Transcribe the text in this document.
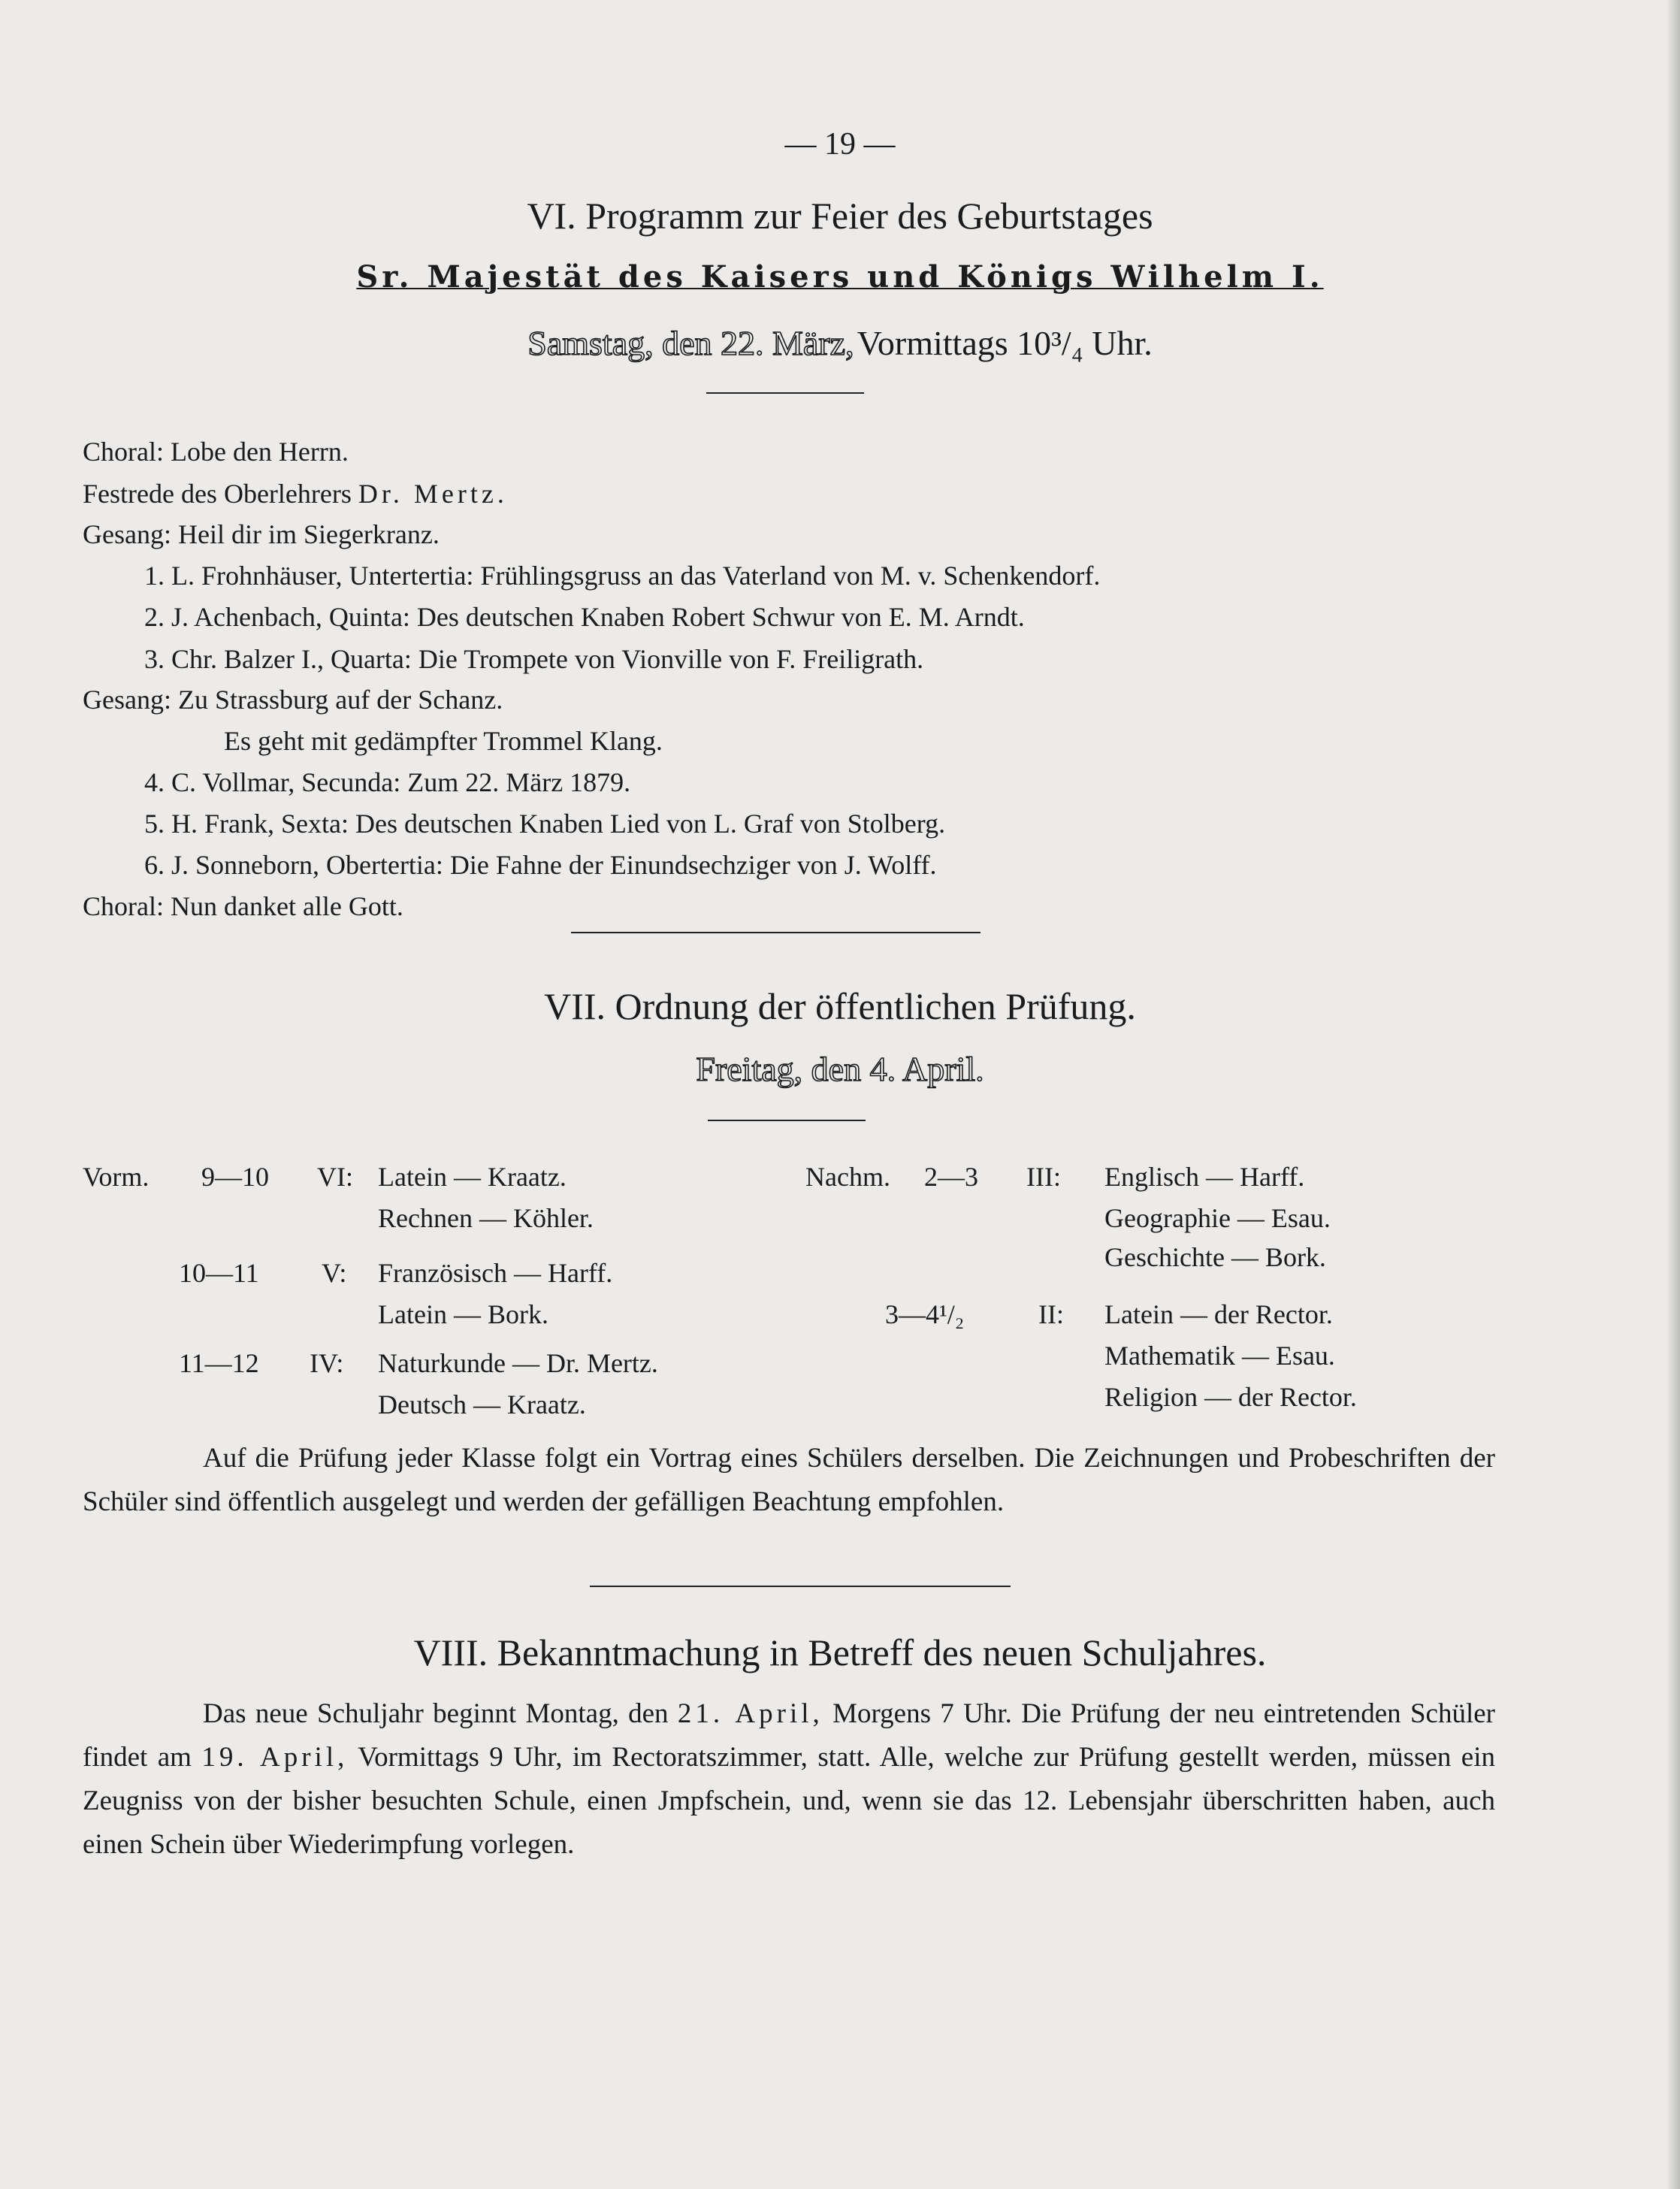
— 19 —
VI. Programm zur Feier des Geburtstages
Sr. Majestät des Kaisers und Königs Wilhelm I.
Samstag, den 22. März, Vormittags 10³/₄ Uhr.
Choral: Lobe den Herrn.
Festrede des Oberlehrers Dr. Mertz.
Gesang: Heil dir im Siegerkranz.
1. L. Frohnhäuser, Untertertia: Frühlingsgruss an das Vaterland von M. v. Schenkendorf.
2. J. Achenbach, Quinta: Des deutschen Knaben Robert Schwur von E. M. Arndt.
3. Chr. Balzer I., Quarta: Die Trompete von Vionville von F. Freiligrath.
Gesang: Zu Strassburg auf der Schanz.
Es geht mit gedämpfter Trommel Klang.
4. C. Vollmar, Secunda: Zum 22. März 1879.
5. H. Frank, Sexta: Des deutschen Knaben Lied von L. Graf von Stolberg.
6. J. Sonneborn, Obertertia: Die Fahne der Einundsechziger von J. Wolff.
Choral: Nun danket alle Gott.
VII. Ordnung der öffentlichen Prüfung.
Freitag, den 4. April.
Vorm. 9—10 VI: Latein — Kraatz.
Rechnen — Köhler.
10—11 V: Französisch — Harff.
Latein — Bork.
11—12 IV: Naturkunde — Dr. Mertz.
Deutsch — Kraatz.
Nachm. 2—3 III: Englisch — Harff.
Geographie — Esau.
Geschichte — Bork.
3—4¹/₂	II: Latein — der Rector.
Mathematik — Esau.
Religion — der Rector.
Auf die Prüfung jeder Klasse folgt ein Vortrag eines Schülers derselben. Die Zeichnungen und Probeschriften der Schüler sind öffentlich ausgelegt und werden der gefälligen Beachtung empfohlen.
VIII. Bekanntmachung in Betreff des neuen Schuljahres.
Das neue Schuljahr beginnt Montag, den 21. April, Morgens 7 Uhr. Die Prüfung der neu eintretenden Schüler findet am 19. April, Vormittags 9 Uhr, im Rectoratszimmer, statt. Alle, welche zur Prüfung gestellt werden, müssen ein Zeugniss von der bisher besuchten Schule, einen Jmpfschein, und, wenn sie das 12. Lebensjahr überschritten haben, auch einen Schein über Wiederimpfung vorlegen.
